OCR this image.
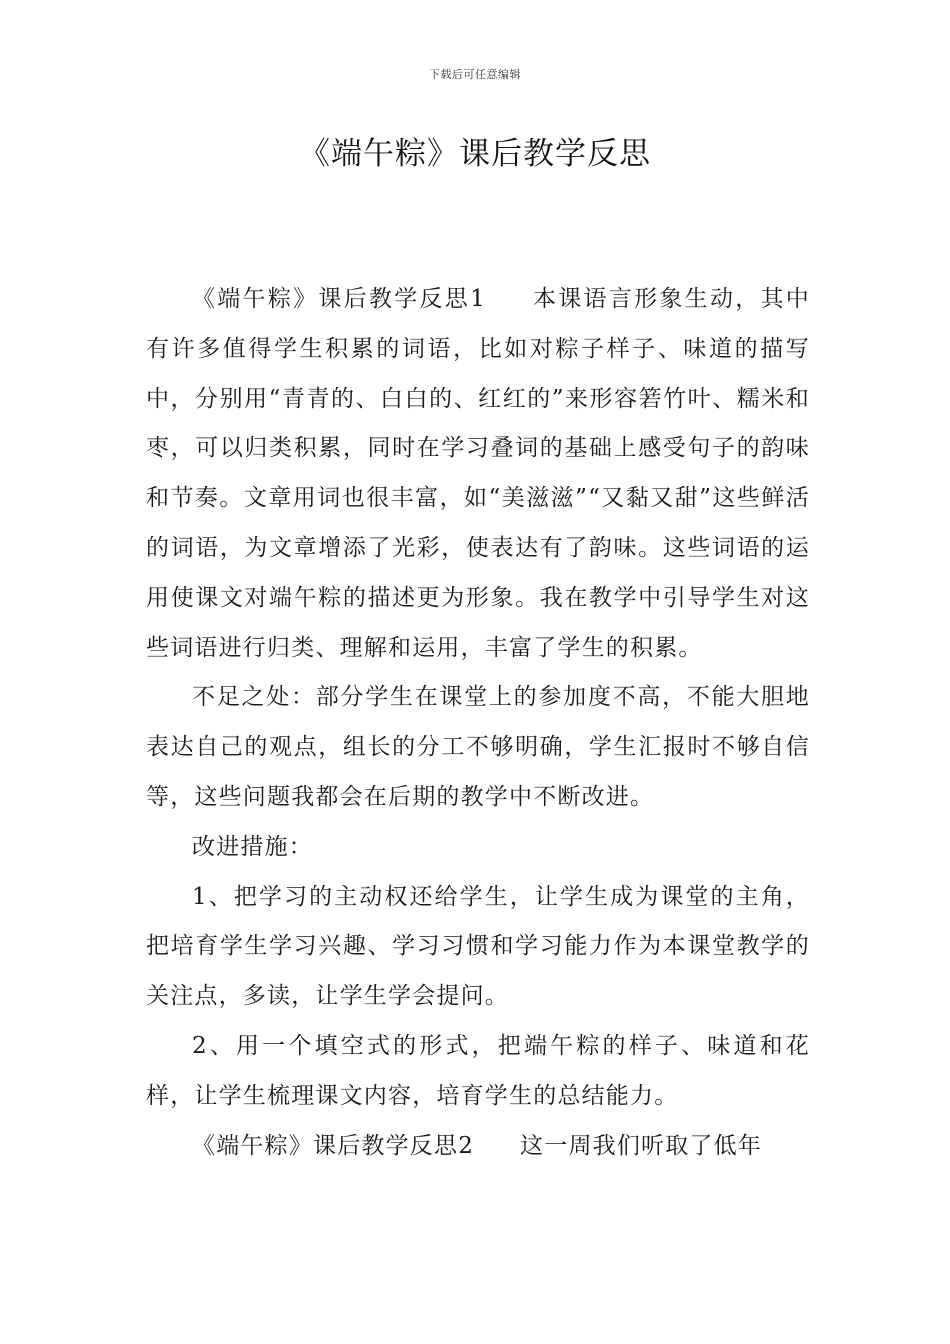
下载后可任意编辑
《端午粽》课后教学反思

《端午粽》课后教学反思1 本课语言形象生动，其中有许多值得学生积累的词语，比如对粽子样子、味道的描写中，分别用“青青的、白白的、红红的”来形容箬竹叶、糯米和枣，可以归类积累，同时在学习叠词的基础上感受句子的韵味和节奏。文章用词也很丰富，如“美滋滋”“又黏又甜”这些鲜活的词语，为文章增添了光彩，使表达有了韵味。这些词语的运用使课文对端午粽的描述更为形象。我在教学中引导学生对这些词语进行归类、理解和运用，丰富了学生的积累。

不足之处：部分学生在课堂上的参加度不高，不能大胆地表达自己的观点，组长的分工不够明确，学生汇报时不够自信等，这些问题我都会在后期的教学中不断改进。

改进措施：

1、把学习的主动权还给学生，让学生成为课堂的主角，把培育学生学习兴趣、学习习惯和学习能力作为本课堂教学的关注点，多读，让学生学会提问。

2、用一个填空式的形式，把端午粽的样子、味道和花样，让学生梳理课文内容，培育学生的总结能力。

《端午粽》课后教学反思2 这一周我们听取了低年
